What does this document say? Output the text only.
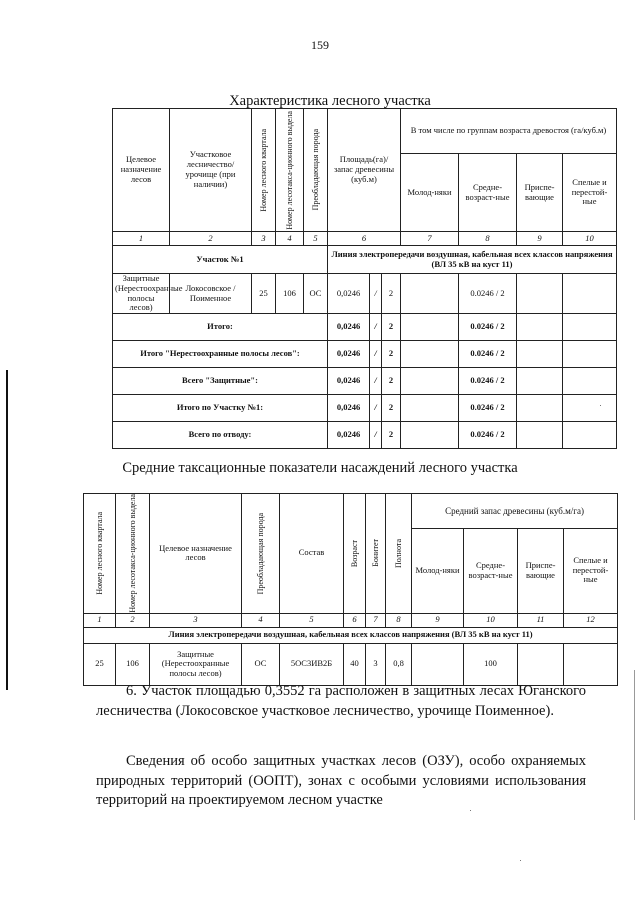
159
Характеристика лесного участка
Целевое назначение лесов	Участковое лесничество/ урочище (при наличии)	Номер лесного квартала	Номер лесотакса-ционного выдела	Преобладающая порода	Площадь(га)/ запас древесины (куб.м)			В том числе по группам возраста древостоя (га/куб.м)			
								Молод-няки	Средне-возраст-ные	Приспе-вающие	Спелые и перестой-ные
1	2	3	4	5	6			7	8	9	10
Участок №1					Линия электропередачи воздушная, кабельная всех классов напряжения (ВЛ 35 кВ на куст 11)						
Защитные (Нерестоохранные полосы лесов)	Локосовское / Поименное	25	106	ОС	0,0246	/	2		0.0246 / 2		
Итого:					0,0246	/	2		0.0246 / 2		
Итого "Нерестоохранные полосы лесов":					0,0246	/	2		0.0246 / 2		
Всего "Защитные":					0,0246	/	2		0.0246 / 2		
Итого по Участку №1:					0,0246	/	2		0.0246 / 2		
Всего по отводу:					0,0246	/	2		0.0246 / 2		
Средние таксационные показатели насаждений лесного участка
Номер лесного квартала	Номер лесотакса-ционного выдела	Целевое назначение лесов	Преобладающая порода	Состав	Возраст	Бонитет	Полнота	Средний запас древесины (куб.м/га)			
								Молод-няки	Средне-возраст-ные	Приспе-вающие	Спелые и перестой-ные
1	2	3	4	5	6	7	8	9	10	11	12
Линия электропередачи воздушная, кабельная всех классов напряжения (ВЛ 35 кВ на куст 11)											
25	106	Защитные (Нерестоохранные полосы лесов)	ОС	5ОС3ИВ2Б	40	3	0,8		100		
6. Участок площадью 0,3552 га расположен в защитных лесах Юганского лесничества (Локосовское участковое лесничество, урочище Поименное).
Сведения об особо защитных участках лесов (ОЗУ), особо охраняемых природных территорий (ООПТ), зонах с особыми условиями использования территорий на проектируемом лесном участке
